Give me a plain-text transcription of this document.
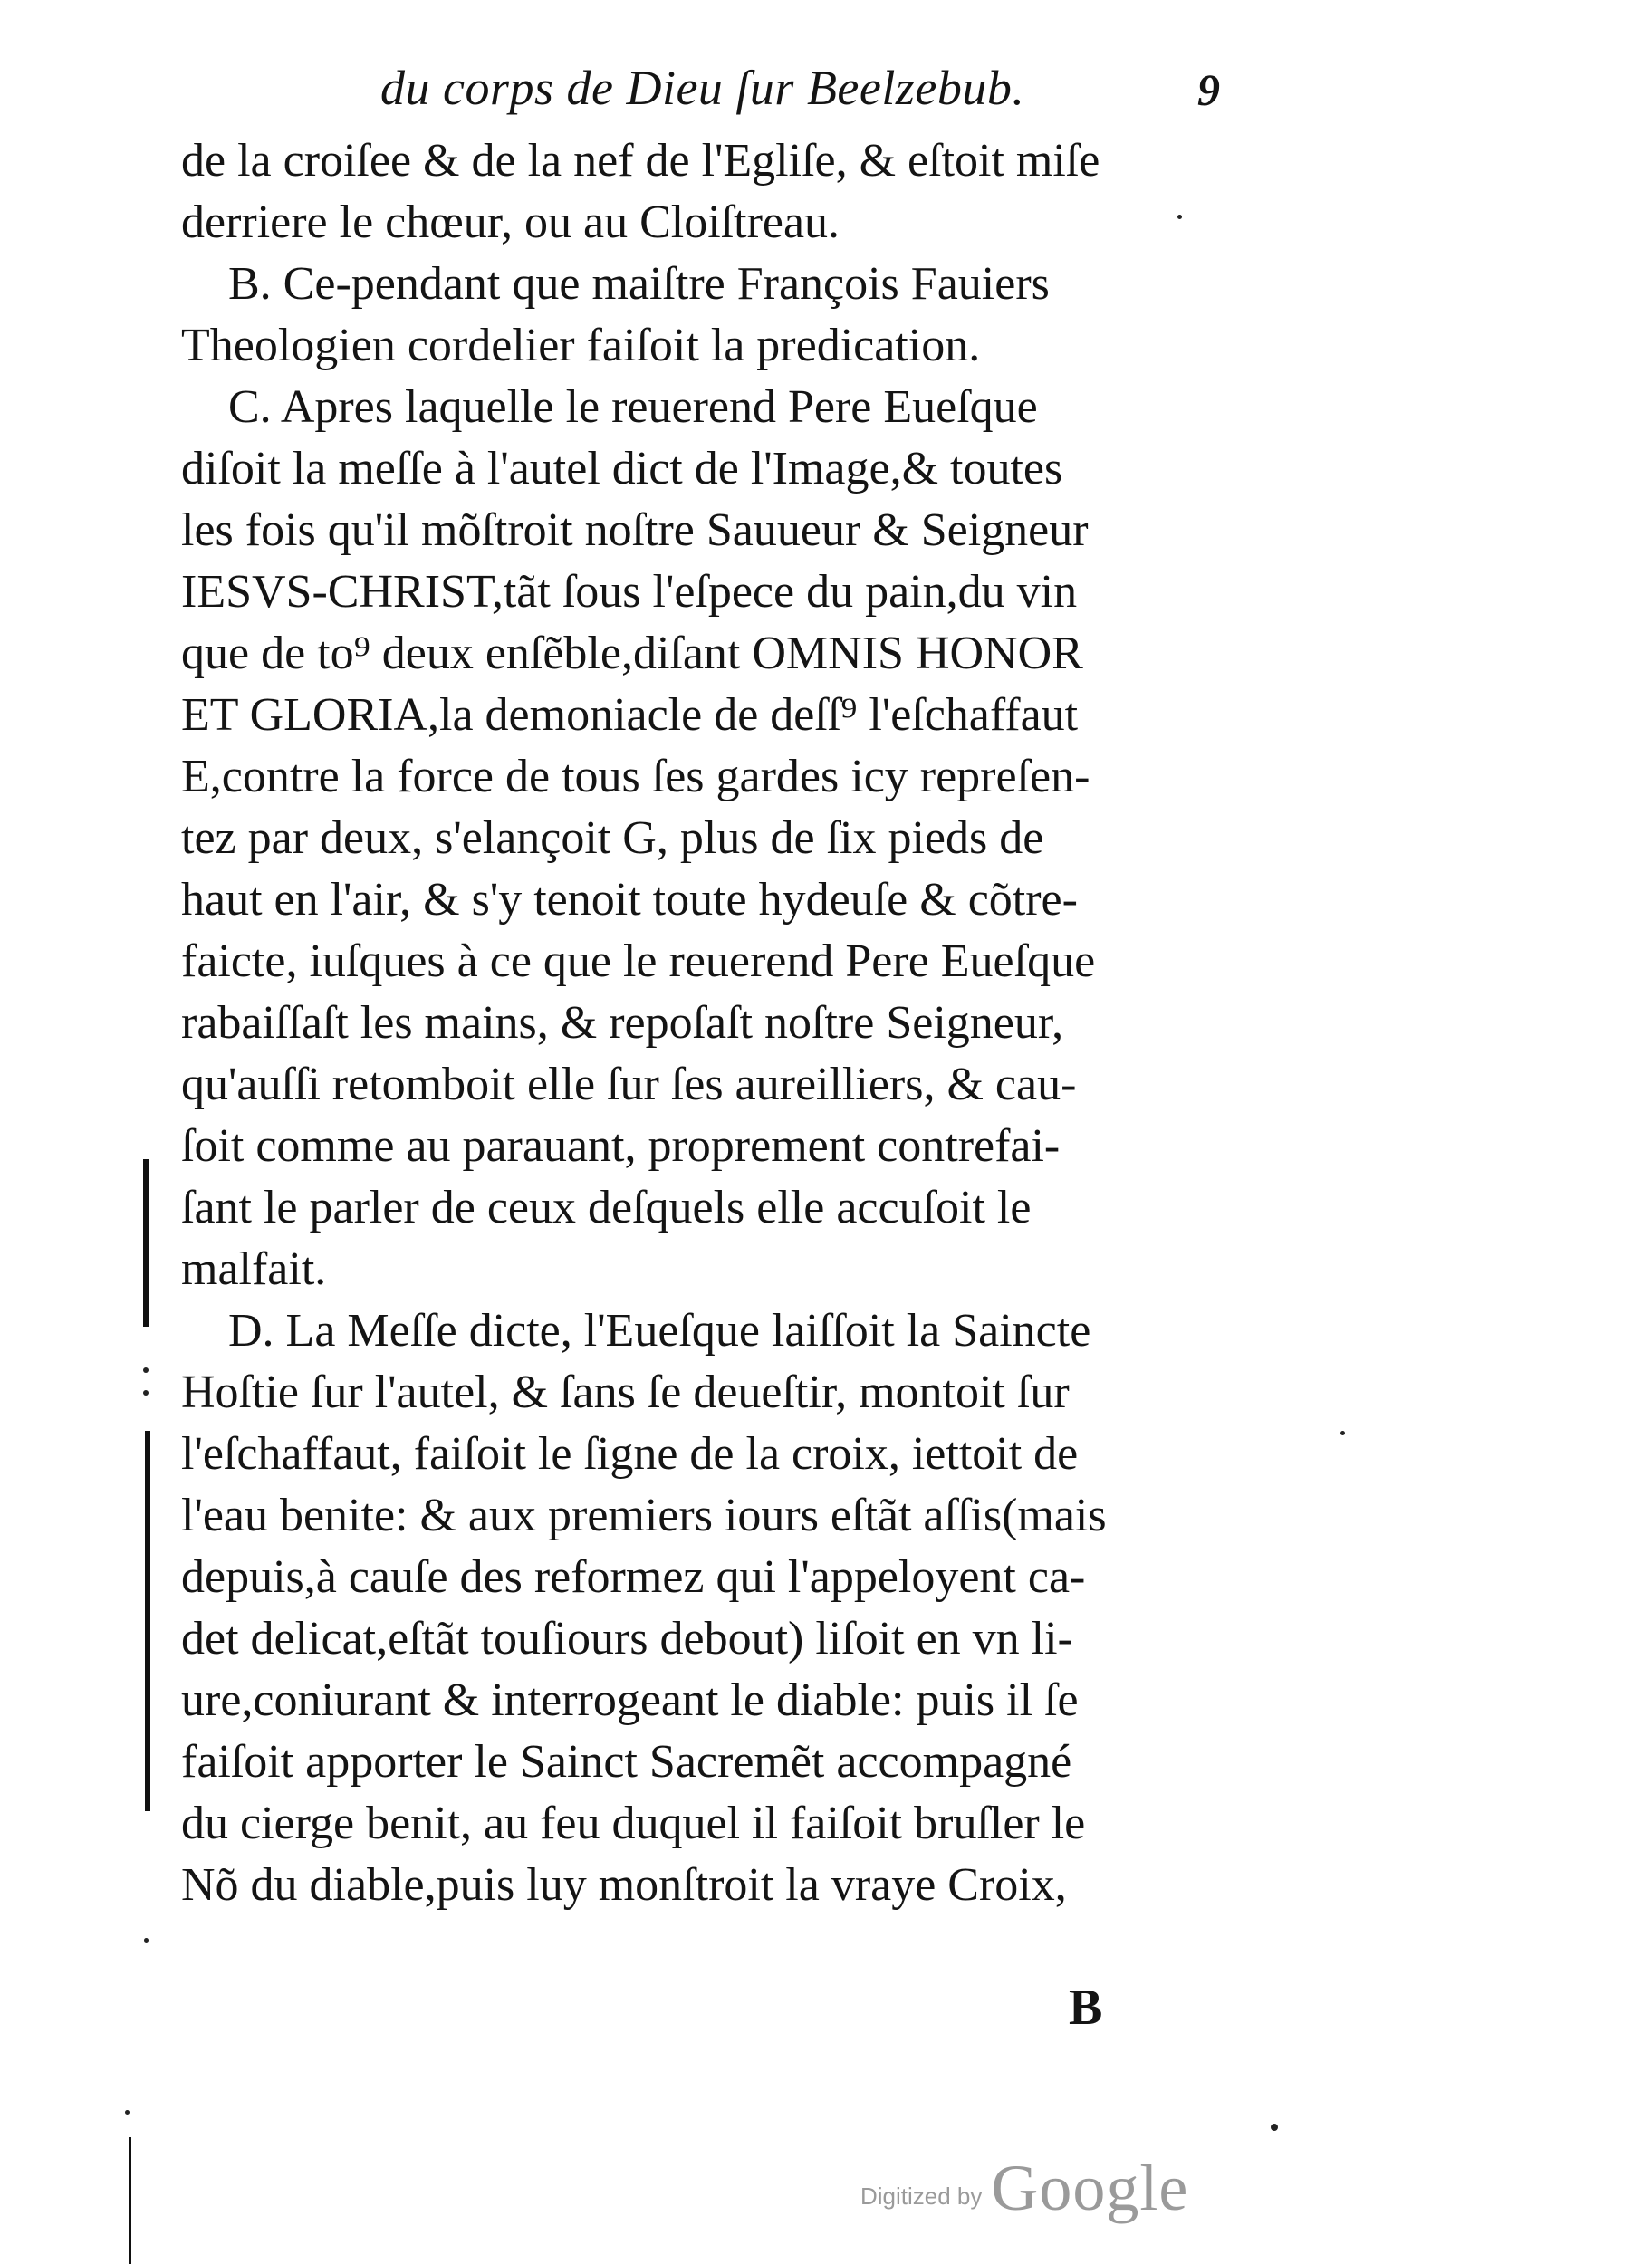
du corps de Dieu ſur Beelzebub.	9
de la croiſee & de la nef de l'Egliſe, & eſtoit miſe
derriere le chœur, ou au Cloiſtreau.
B. Ce-pendant que maiſtre François Fauiers
Theologien cordelier faiſoit la predication.
C. Apres laquelle le reuerend Pere Eueſque
diſoit la meſſe à l'autel dict de l'Image,& toutes
les fois qu'il mõſtroit noſtre Sauueur & Seigneur
IESVS-CHRIST,tãt ſous l'eſpece du pain,du vin
que de to⁹ deux enſẽble,diſant OMNIS HONOR
ET GLORIA,la demoniacle de deſſ⁹ l'eſchaffaut
E,contre la force de tous ſes gardes icy repreſen-
tez par deux, s'elançoit G, plus de ſix pieds de
haut en l'air, & s'y tenoit toute hydeuſe & cõtre-
faicte, iuſques à ce que le reuerend Pere Eueſque
rabaiſſaſt les mains, & repoſaſt noſtre Seigneur,
qu'auſſi retomboit elle ſur ſes aureilliers, & cau-
ſoit comme au parauant, proprement contrefai-
ſant le parler de ceux deſquels elle accuſoit le
malfait.
D. La Meſſe dicte, l'Eueſque laiſſoit la Saincte
Hoſtie ſur l'autel, & ſans ſe deueſtir, montoit ſur
l'eſchaffaut, faiſoit le ſigne de la croix, iettoit de
l'eau benite: & aux premiers iours eſtãt aſſis(mais
depuis,à cauſe des reformez qui l'appeloyent ca-
det delicat,eſtãt touſiours debout) liſoit en vn li-
ure,coniurant & interrogeant le diable: puis il ſe
faiſoit apporter le Sainct Sacremẽt accompagné
du cierge benit, au feu duquel il faiſoit bruſler le
Nõ du diable,puis luy monſtroit la vraye Croix,
B
Digitized by Google
